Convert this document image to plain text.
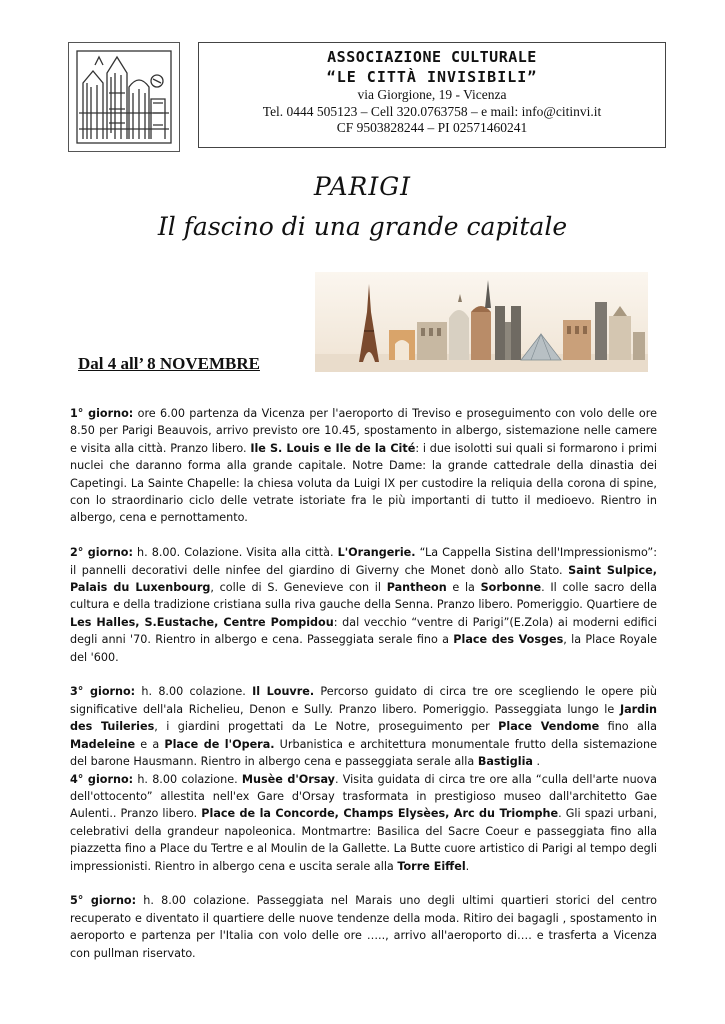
ASSOCIAZIONE CULTURALE
“LE CITTÀ INVISIBILI”
via Giorgione, 19 - Vicenza
Tel. 0444 505123 – Cell 320.0763758 – e mail: info@citinvi.it
CF 9503828244 – PI 02571460241
PARIGI
Il fascino di una grande capitale
Dal 4 all’ 8 NOVEMBRE

1° giorno: ore 6.00 partenza da Vicenza per l'aeroporto di Treviso e proseguimento con volo delle ore 8.50 per Parigi Beauvois, arrivo previsto ore 10.45, spostamento in albergo, sistemazione nelle camere e visita alla città. Pranzo libero. Ile S. Louis e Ile de la Cité: i due isolotti sui quali si formarono i primi nuclei che daranno forma alla grande capitale. Notre Dame: la grande cattedrale della dinastia dei Capetingi. La Sainte Chapelle: la chiesa voluta da Luigi IX per custodire la reliquia della corona di spine, con lo straordinario ciclo delle vetrate istoriate fra le più importanti di tutto il medioevo. Rientro in albergo, cena e pernottamento.

2° giorno: h. 8.00. Colazione. Visita alla città. L'Orangerie. “La Cappella Sistina dell'Impressionismo”: il pannelli decorativi delle ninfee del giardino di Giverny che Monet donò allo Stato. Saint Sulpice, Palais du Luxenbourg, colle di S. Genevieve con il Pantheon e la Sorbonne. Il colle sacro della cultura e della tradizione cristiana sulla riva gauche della Senna. Pranzo libero. Pomeriggio. Quartiere de Les Halles, S.Eustache, Centre Pompidou: dal vecchio “ventre di Parigi”(E.Zola) ai moderni edifici degli anni '70. Rientro in albergo e cena. Passeggiata serale fino a Place des Vosges, la Place Royale del '600.

3° giorno: h. 8.00 colazione. Il Louvre. Percorso guidato di circa tre ore scegliendo le opere più significative dell'ala Richelieu, Denon e Sully. Pranzo libero. Pomeriggio. Passeggiata lungo le Jardin des Tuileries, i giardini progettati da Le Notre, proseguimento per Place Vendome fino alla Madeleine e a Place de l'Opera. Urbanistica e architettura monumentale frutto della sistemazione del barone Hausmann. Rientro in albergo cena e passeggiata serale alla Bastiglia .

4° giorno: h. 8.00 colazione. Musèe d'Orsay. Visita guidata di circa tre ore alla “culla dell'arte nuova dell'ottocento” allestita nell'ex Gare d'Orsay trasformata in prestigioso museo dall'architetto Gae Aulenti.. Pranzo libero. Place de la Concorde, Champs Elysèes, Arc du Triomphe. Gli spazi urbani, celebrativi della grandeur napoleonica. Montmartre: Basilica del Sacre Coeur e passeggiata fino alla piazzetta fino a Place du Tertre e al Moulin de la Gallette. La Butte cuore artistico di Parigi al tempo degli impressionisti. Rientro in albergo cena e uscita serale alla Torre Eiffel.

5° giorno: h. 8.00 colazione. Passeggiata nel Marais uno degli ultimi quartieri storici del centro recuperato e diventato il quartiere delle nuove tendenze della moda. Ritiro dei bagagli , spostamento in aeroporto e partenza per l'Italia con volo delle ore ….., arrivo all'aeroporto di…. e trasferta a Vicenza con pullman riservato.
